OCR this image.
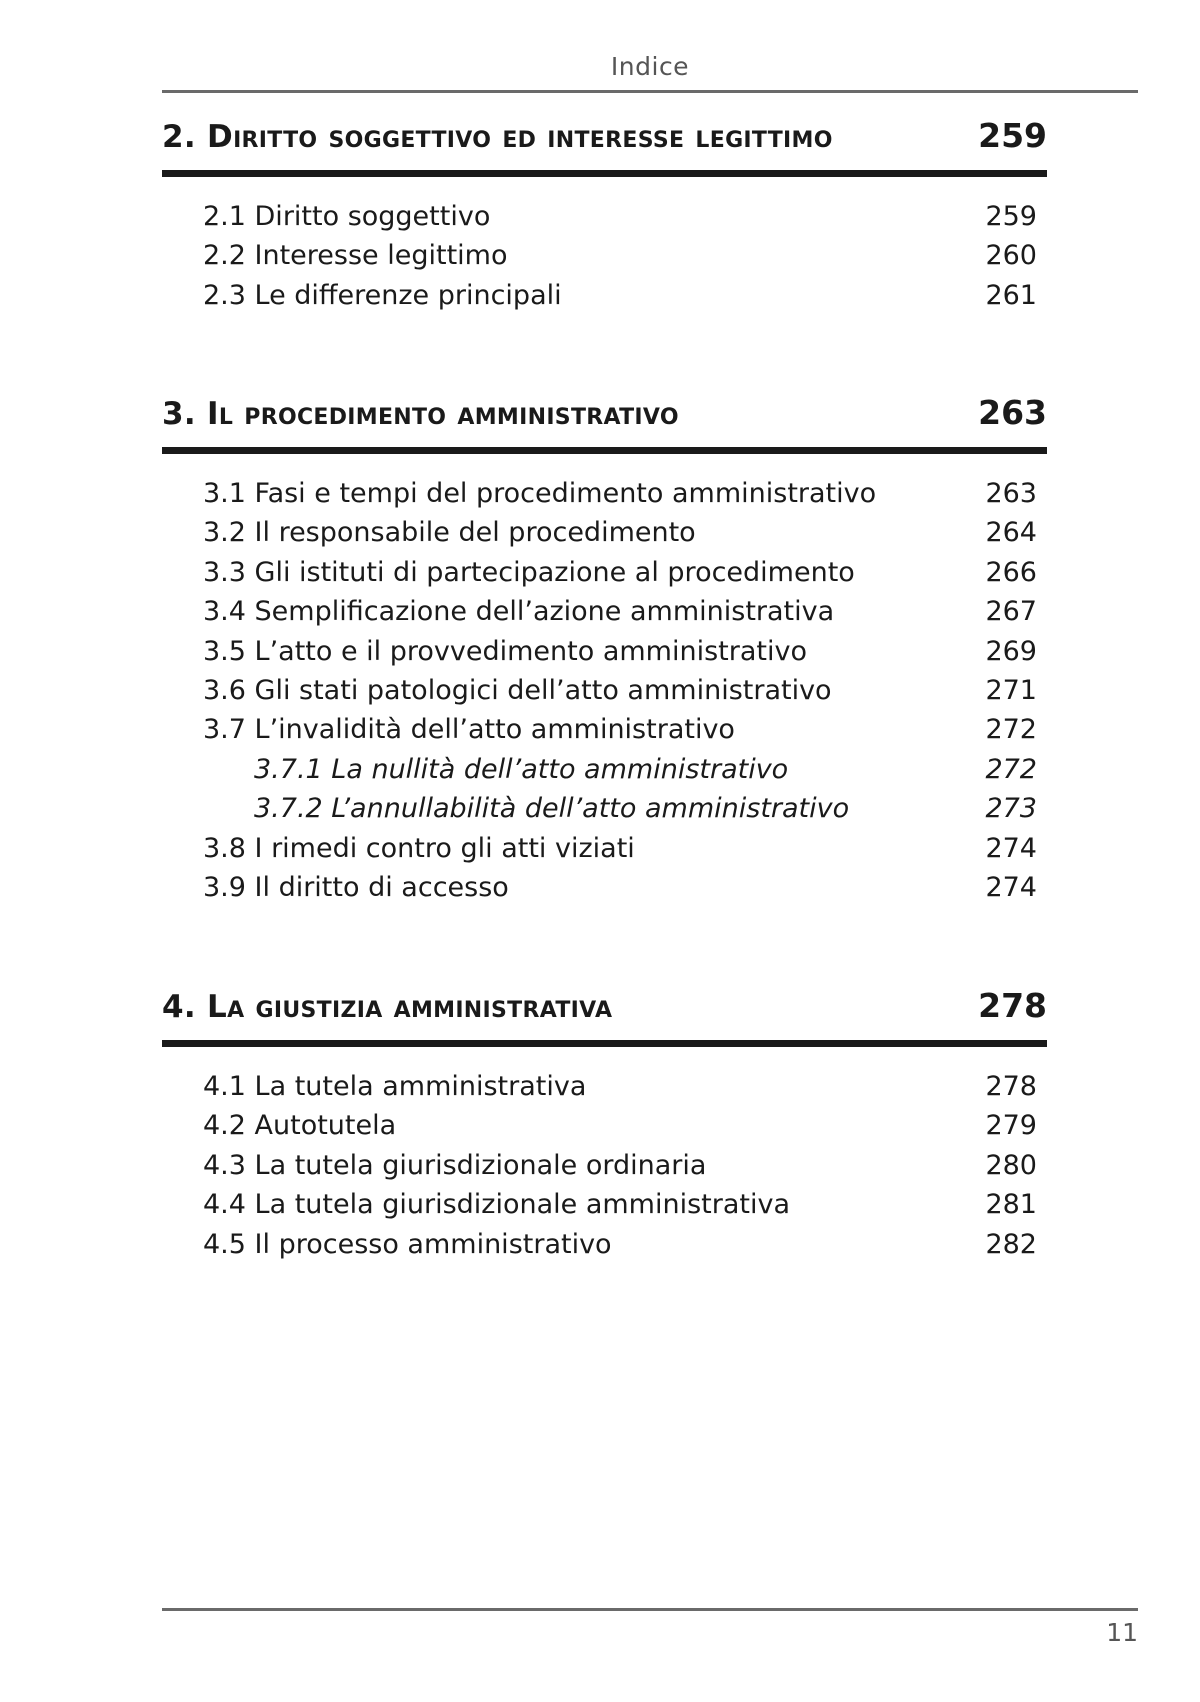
Indice
2. Diritto soggettivo ed interesse legittimo	259
2.1 Diritto soggettivo	259
2.2 Interesse legittimo	260
2.3 Le differenze principali	261
3. Il procedimento amministrativo	263
3.1 Fasi e tempi del procedimento amministrativo	263
3.2 Il responsabile del procedimento	264
3.3 Gli istituti di partecipazione al procedimento	266
3.4 Semplificazione dell’azione amministrativa	267
3.5 L’atto e il provvedimento amministrativo	269
3.6 Gli stati patologici dell’atto amministrativo	271
3.7 L’invalidità dell’atto amministrativo	272
3.7.1 La nullità dell’atto amministrativo	272
3.7.2 L’annullabilità dell’atto amministrativo	273
3.8 I rimedi contro gli atti viziati	274
3.9 Il diritto di accesso	274
4. La giustizia amministrativa	278
4.1 La tutela amministrativa	278
4.2 Autotutela	279
4.3 La tutela giurisdizionale ordinaria	280
4.4 La tutela giurisdizionale amministrativa	281
4.5 Il processo amministrativo	282
11
